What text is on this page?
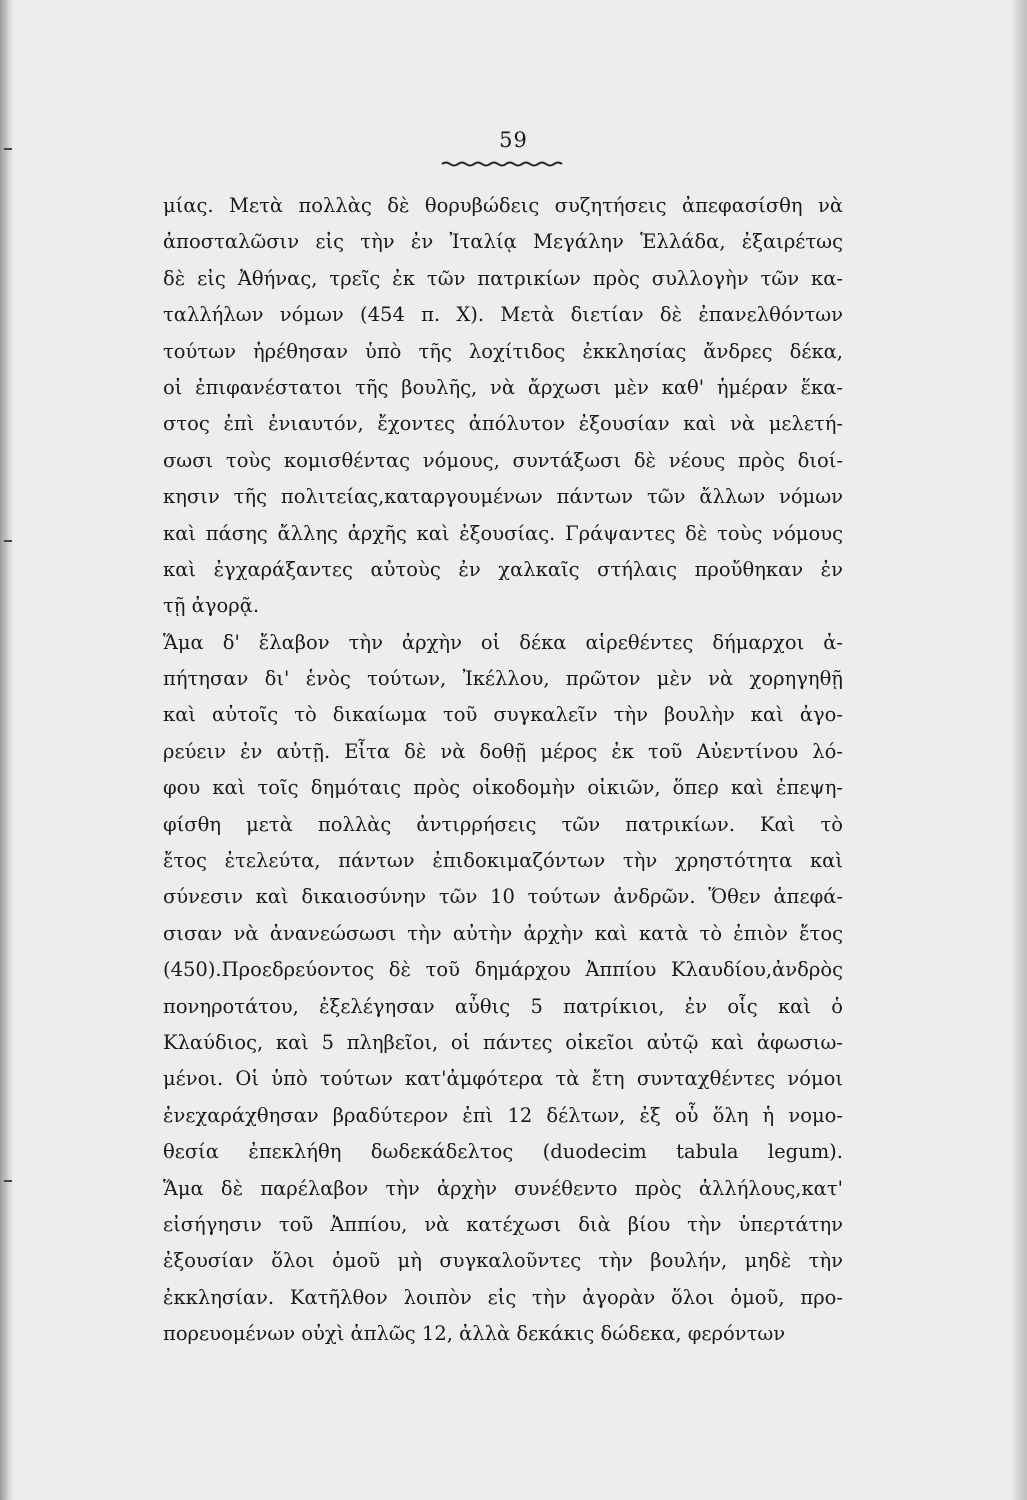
59
μίας. Μετὰ πολλὰς δὲ θορυβώδεις συζητήσεις ἀπεφασίσθη νὰ
ἀποσταλῶσιν εἰς τὴν ἐν Ἰταλίᾳ Μεγάλην Ἑλλάδα, ἐξαιρέτως
δὲ εἰς Ἀθήνας, τρεῖς ἐκ τῶν πατρικίων πρὸς συλλογὴν τῶν κα-
ταλλήλων νόμων (454 π. Χ). Μετὰ διετίαν δὲ ἐπανελθόντων
τούτων ἡρέθησαν ὑπὸ τῆς λοχίτιδος ἐκκλησίας ἄνδρες δέκα,
οἱ ἐπιφανέστατοι τῆς βουλῆς, νὰ ἄρχωσι μὲν καθ' ἡμέραν ἕκα-
στος ἐπὶ ἐνιαυτόν, ἔχοντες ἀπόλυτον ἐξουσίαν καὶ νὰ μελετή-
σωσι τοὺς κομισθέντας νόμους, συντάξωσι δὲ νέους πρὸς διοί-
κησιν τῆς πολιτείας,καταργουμένων πάντων τῶν ἄλλων νόμων
καὶ πάσης ἄλλης ἀρχῆς καὶ ἐξουσίας. Γράψαντες δὲ τοὺς νόμους
καὶ ἐγχαράξαντες αὐτοὺς ἐν χαλκαῖς στήλαις προὔθηκαν ἐν
τῇ ἀγορᾷ.
Ἅμα δ' ἔλαβον τὴν ἀρχὴν οἱ δέκα αἱρεθέντες δήμαρχοι ἀ-
πήτησαν δι' ἑνὸς τούτων, Ἰκέλλου, πρῶτον μὲν νὰ χορηγηθῇ
καὶ αὐτοῖς τὸ δικαίωμα τοῦ συγκαλεῖν τὴν βουλὴν καὶ ἀγο-
ρεύειν ἐν αὐτῇ. Εἶτα δὲ νὰ δοθῇ μέρος ἐκ τοῦ Αὐεντίνου λό-
φου καὶ τοῖς δημόταις πρὸς οἰκοδομὴν οἰκιῶν, ὅπερ καὶ ἐπεψη-
φίσθη μετὰ πολλὰς ἀντιρρήσεις τῶν πατρικίων. Καὶ τὸ
ἔτος ἐτελεύτα, πάντων ἐπιδοκιμαζόντων τὴν χρηστότητα καὶ
σύνεσιν καὶ δικαιοσύνην τῶν 10 τούτων ἀνδρῶν. Ὅθεν ἀπεφά-
σισαν νὰ ἀνανεώσωσι τὴν αὐτὴν ἀρχὴν καὶ κατὰ τὸ ἐπιὸν ἔτος
(450).Προεδρεύοντος δὲ τοῦ δημάρχου Ἀππίου Κλαυδίου,ἀνδρὸς
πονηροτάτου, ἐξελέγησαν αὖθις 5 πατρίκιοι, ἐν οἷς καὶ ὁ
Κλαύδιος, καὶ 5 πληβεῖοι, οἱ πάντες οἰκεῖοι αὐτῷ καὶ ἀφωσιω-
μένοι. Οἱ ὑπὸ τούτων κατ'ἀμφότερα τὰ ἔτη συνταχθέντες νόμοι
ἐνεχαράχθησαν βραδύτερον ἐπὶ 12 δέλτων, ἐξ οὗ ὅλη ἡ νομο-
θεσία ἐπεκλήθη δωδεκάδελτος (duodecim tabula legum).
Ἅμα δὲ παρέλαβον τὴν ἀρχὴν συνέθεντο πρὸς ἀλλήλους,κατ'
εἰσήγησιν τοῦ Ἀππίου, νὰ κατέχωσι διὰ βίου τὴν ὑπερτάτην
ἐξουσίαν ὅλοι ὁμοῦ μὴ συγκαλοῦντες τὴν βουλήν, μηδὲ τὴν
ἐκκλησίαν. Κατῆλθον λοιπὸν εἰς τὴν ἀγορὰν ὅλοι ὁμοῦ, προ-
πορευομένων οὐχὶ ἁπλῶς 12, ἀλλὰ δεκάκις δώδεκα, φερόντων
